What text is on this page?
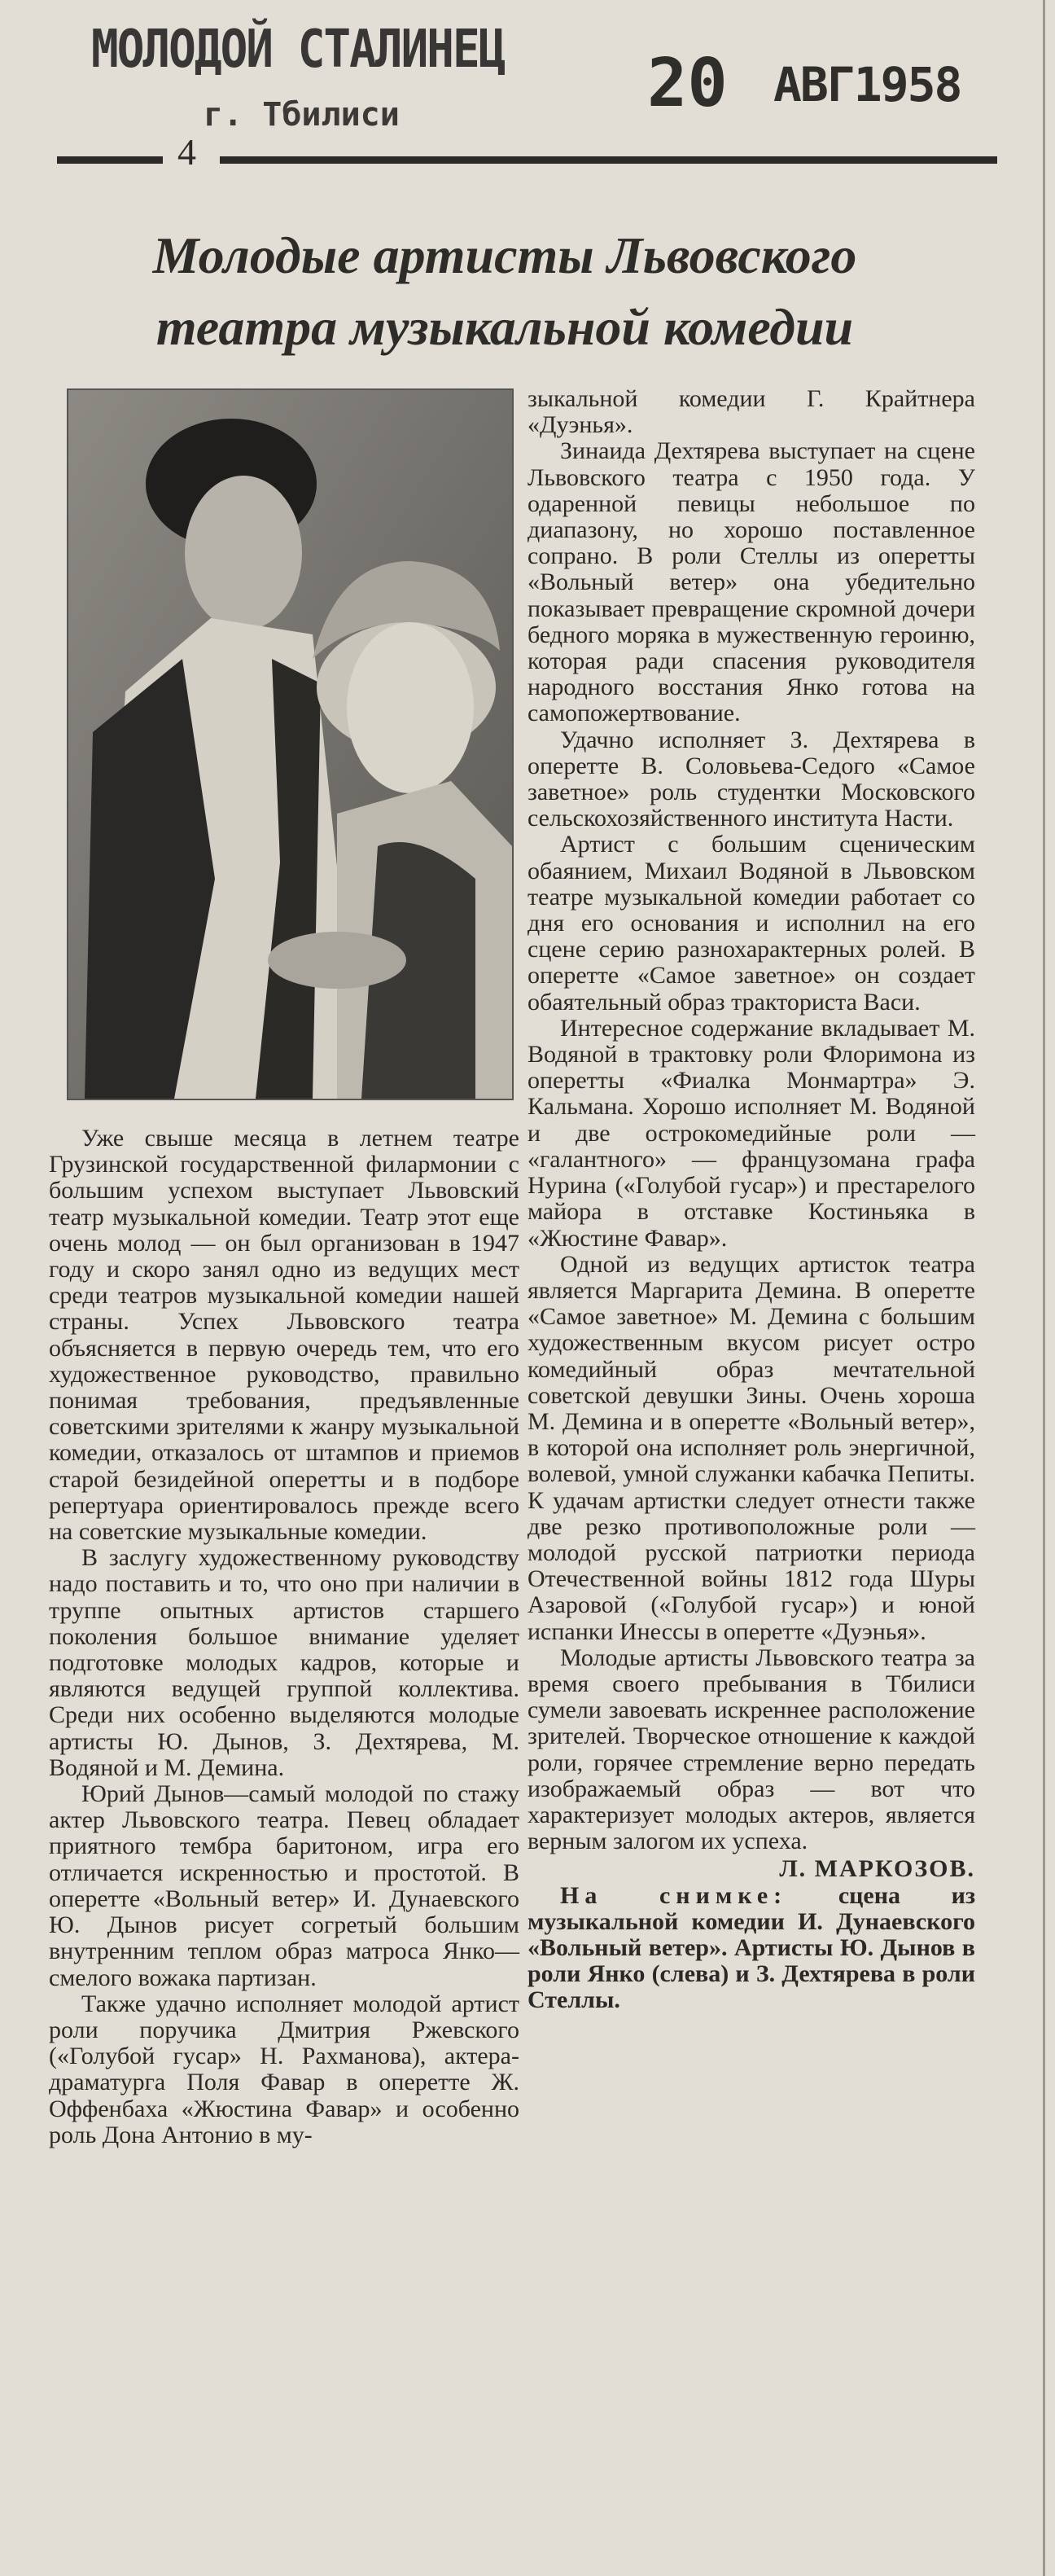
МОЛОДОЙ СТАЛИНЕЦ
г. Тбилиси	20 АВГ1958
4
Молодые артисты Львовского
театра музыкальной комедии

Уже свыше месяца в летнем театре Грузинской государственной филармонии с большим успехом выступает Львовский театр музыкальной комедии. Театр этот еще очень молод — он был организован в 1947 году и скоро занял одно из ведущих мест среди театров музыкальной комедии нашей страны. Успех Львовского театра объясняется в первую очередь тем, что его художественное руководство, правильно понимая требования, предъявленные советскими зрителями к жанру музыкальной комедии, отказалось от штампов и приемов старой безидейной оперетты и в подборе репертуара ориентировалось прежде всего на советские музыкальные комедии.

В заслугу художественному руководству надо поставить и то, что оно при наличии в труппе опытных артистов старшего поколения большое внимание уделяет подготовке молодых кадров, которые и являются ведущей группой коллектива. Среди них особенно выделяются молодые артисты Ю. Дынов, З. Дехтярева, М. Водяной и М. Демина.

Юрий Дынов—самый молодой по стажу актер Львовского театра. Певец обладает приятного тембра баритоном, игра его отличается искренностью и простотой. В оперетте «Вольный ветер» И. Дунаевского Ю. Дынов рисует согретый большим внутренним теплом образ матроса Янко—смелого вожака партизан.

Также удачно исполняет молодой артист роли поручика Дмитрия Ржевского («Голубой гусар» Н. Рахманова), актера-драматурга Поля Фавар в оперетте Ж. Оффенбаха «Жюстина Фавар» и особенно роль Дона Антонио в му-

зыкальной комедии Г. Крайтнера «Дуэнья».

Зинаида Дехтярева выступает на сцене Львовского театра с 1950 года. У одаренной певицы небольшое по диапазону, но хорошо поставленное сопрано. В роли Стеллы из оперетты «Вольный ветер» она убедительно показывает превращение скромной дочери бедного моряка в мужественную героиню, которая ради спасения руководителя народного восстания Янко готова на самопожертвование.

Удачно исполняет З. Дехтярева в оперетте В. Соловьева-Седого «Самое заветное» роль студентки Московского сельскохозяйственного института Насти.

Артист с большим сценическим обаянием, Михаил Водяной в Львовском театре музыкальной комедии работает со дня его основания и исполнил на его сцене серию разнохарактерных ролей. В оперетте «Самое заветное» он создает обаятельный образ тракториста Васи.

Интересное содержание вкладывает М. Водяной в трактовку роли Флоримона из оперетты «Фиалка Монмартра» Э. Кальмана. Хорошо исполняет М. Водяной и две острокомедийные роли — «галантного» — французомана графа Нурина («Голубой гусар») и престарелого майора в отставке Костиньяка в «Жюстине Фавар».

Одной из ведущих артисток театра является Маргарита Демина. В оперетте «Самое заветное» М. Демина с большим художественным вкусом рисует остро комедийный образ мечтательной советской девушки Зины. Очень хороша М. Демина и в оперетте «Вольный ветер», в которой она исполняет роль энергичной, волевой, умной служанки кабачка Пепиты. К удачам артистки следует отнести также две резко противоположные роли — молодой русской патриотки периода Отечественной войны 1812 года Шуры Азаровой («Голубой гусар») и юной испанки Инессы в оперетте «Дуэнья».

Молодые артисты Львовского театра за время своего пребывания в Тбилиси сумели завоевать искреннее расположение зрителей. Творческое отношение к каждой роли, горячее стремление верно передать изображаемый образ — вот что характеризует молодых актеров, является верным залогом их успеха.

Л. МАРКОЗОВ.

На снимке: сцена из музыкальной комедии И. Дунаевского «Вольный ветер». Артисты Ю. Дынов в роли Янко (слева) и З. Дехтярева в роли Стеллы.
